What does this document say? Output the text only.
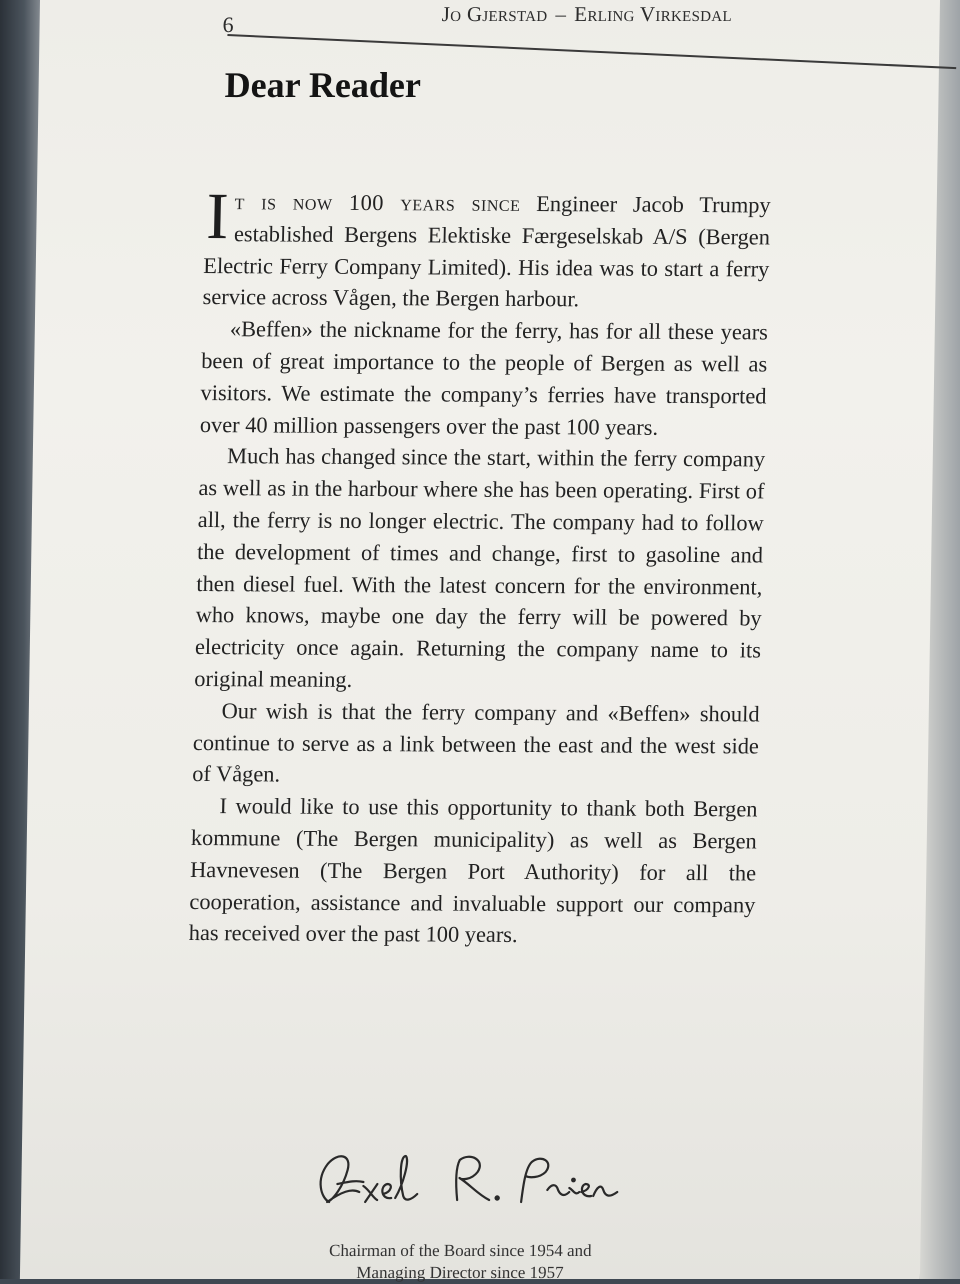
6	Jo Gjerstad – Erling Virkesdal
Dear Reader

It is now 100 years since Engineer Jacob Trumpy established Bergens Elektiske Færgeselskab A/S (Bergen Electric Ferry Company Limited). His idea was to start a ferry service across Vågen, the Bergen harbour.

«Beffen» the nickname for the ferry, has for all these years been of great importance to the people of Bergen as well as visitors. We estimate the company’s ferries have transported over 40 million passengers over the past 100 years.

Much has changed since the start, within the ferry company as well as in the harbour where she has been operating. First of all, the ferry is no longer electric. The company had to follow the development of times and change, first to gasoline and then diesel fuel. With the latest concern for the environment, who knows, maybe one day the ferry will be powered by electricity once again. Returning the company name to its original meaning.

Our wish is that the ferry company and «Beffen» should continue to serve as a link between the east and the west side of Vågen.

I would like to use this opportunity to thank both Bergen kommune (The Bergen municipality) as well as Bergen Havnevesen (The Bergen Port Authority) for all the cooperation, assistance and invaluable support our company has received over the past 100 years.

Chairman of the Board since 1954 and
Managing Director since 1957
